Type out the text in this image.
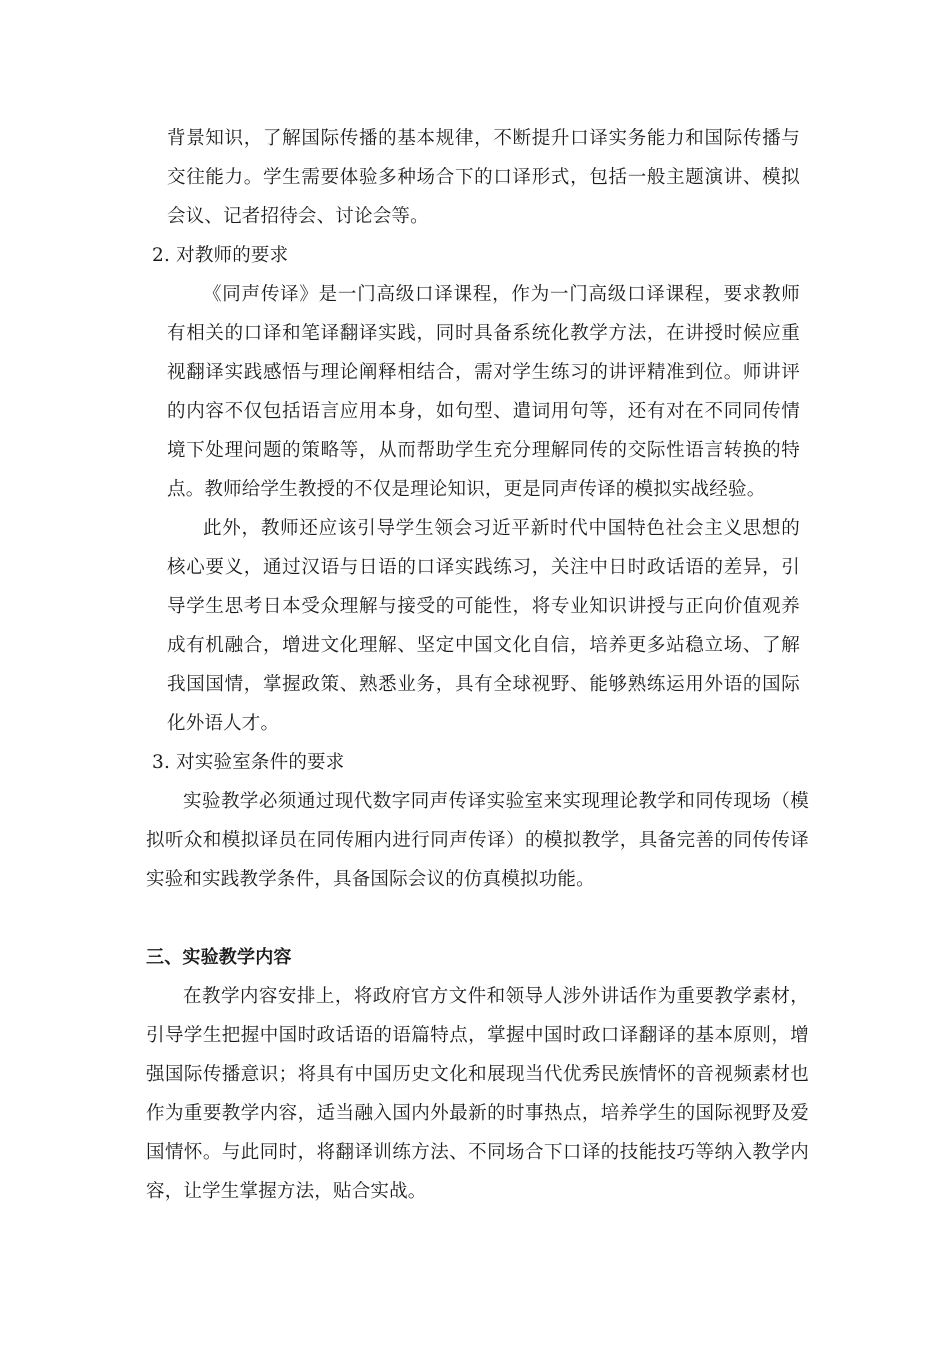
背景知识，了解国际传播的基本规律，不断提升口译实务能力和国际传播与
交往能力。学生需要体验多种场合下的口译形式，包括一般主题演讲、模拟
会议、记者招待会、讨论会等。
2. 对教师的要求
《同声传译》是一门高级口译课程，作为一门高级口译课程，要求教师
有相关的口译和笔译翻译实践，同时具备系统化教学方法，在讲授时候应重
视翻译实践感悟与理论阐释相结合，需对学生练习的讲评精准到位。师讲评
的内容不仅包括语言应用本身，如句型、遣词用句等，还有对在不同同传情
境下处理问题的策略等，从而帮助学生充分理解同传的交际性语言转换的特
点。教师给学生教授的不仅是理论知识，更是同声传译的模拟实战经验。
此外，教师还应该引导学生领会习近平新时代中国特色社会主义思想的
核心要义，通过汉语与日语的口译实践练习，关注中日时政话语的差异，引
导学生思考日本受众理解与接受的可能性，将专业知识讲授与正向价值观养
成有机融合，增进文化理解、坚定中国文化自信，培养更多站稳立场、了解
我国国情，掌握政策、熟悉业务，具有全球视野、能够熟练运用外语的国际
化外语人才。
3. 对实验室条件的要求
实验教学必须通过现代数字同声传译实验室来实现理论教学和同传现场（模
拟听众和模拟译员在同传厢内进行同声传译）的模拟教学，具备完善的同传传译
实验和实践教学条件，具备国际会议的仿真模拟功能。
三、实验教学内容
在教学内容安排上，将政府官方文件和领导人涉外讲话作为重要教学素材，
引导学生把握中国时政话语的语篇特点，掌握中国时政口译翻译的基本原则，增
强国际传播意识；将具有中国历史文化和展现当代优秀民族情怀的音视频素材也
作为重要教学内容，适当融入国内外最新的时事热点，培养学生的国际视野及爱
国情怀。与此同时，将翻译训练方法、不同场合下口译的技能技巧等纳入教学内
容，让学生掌握方法，贴合实战。
